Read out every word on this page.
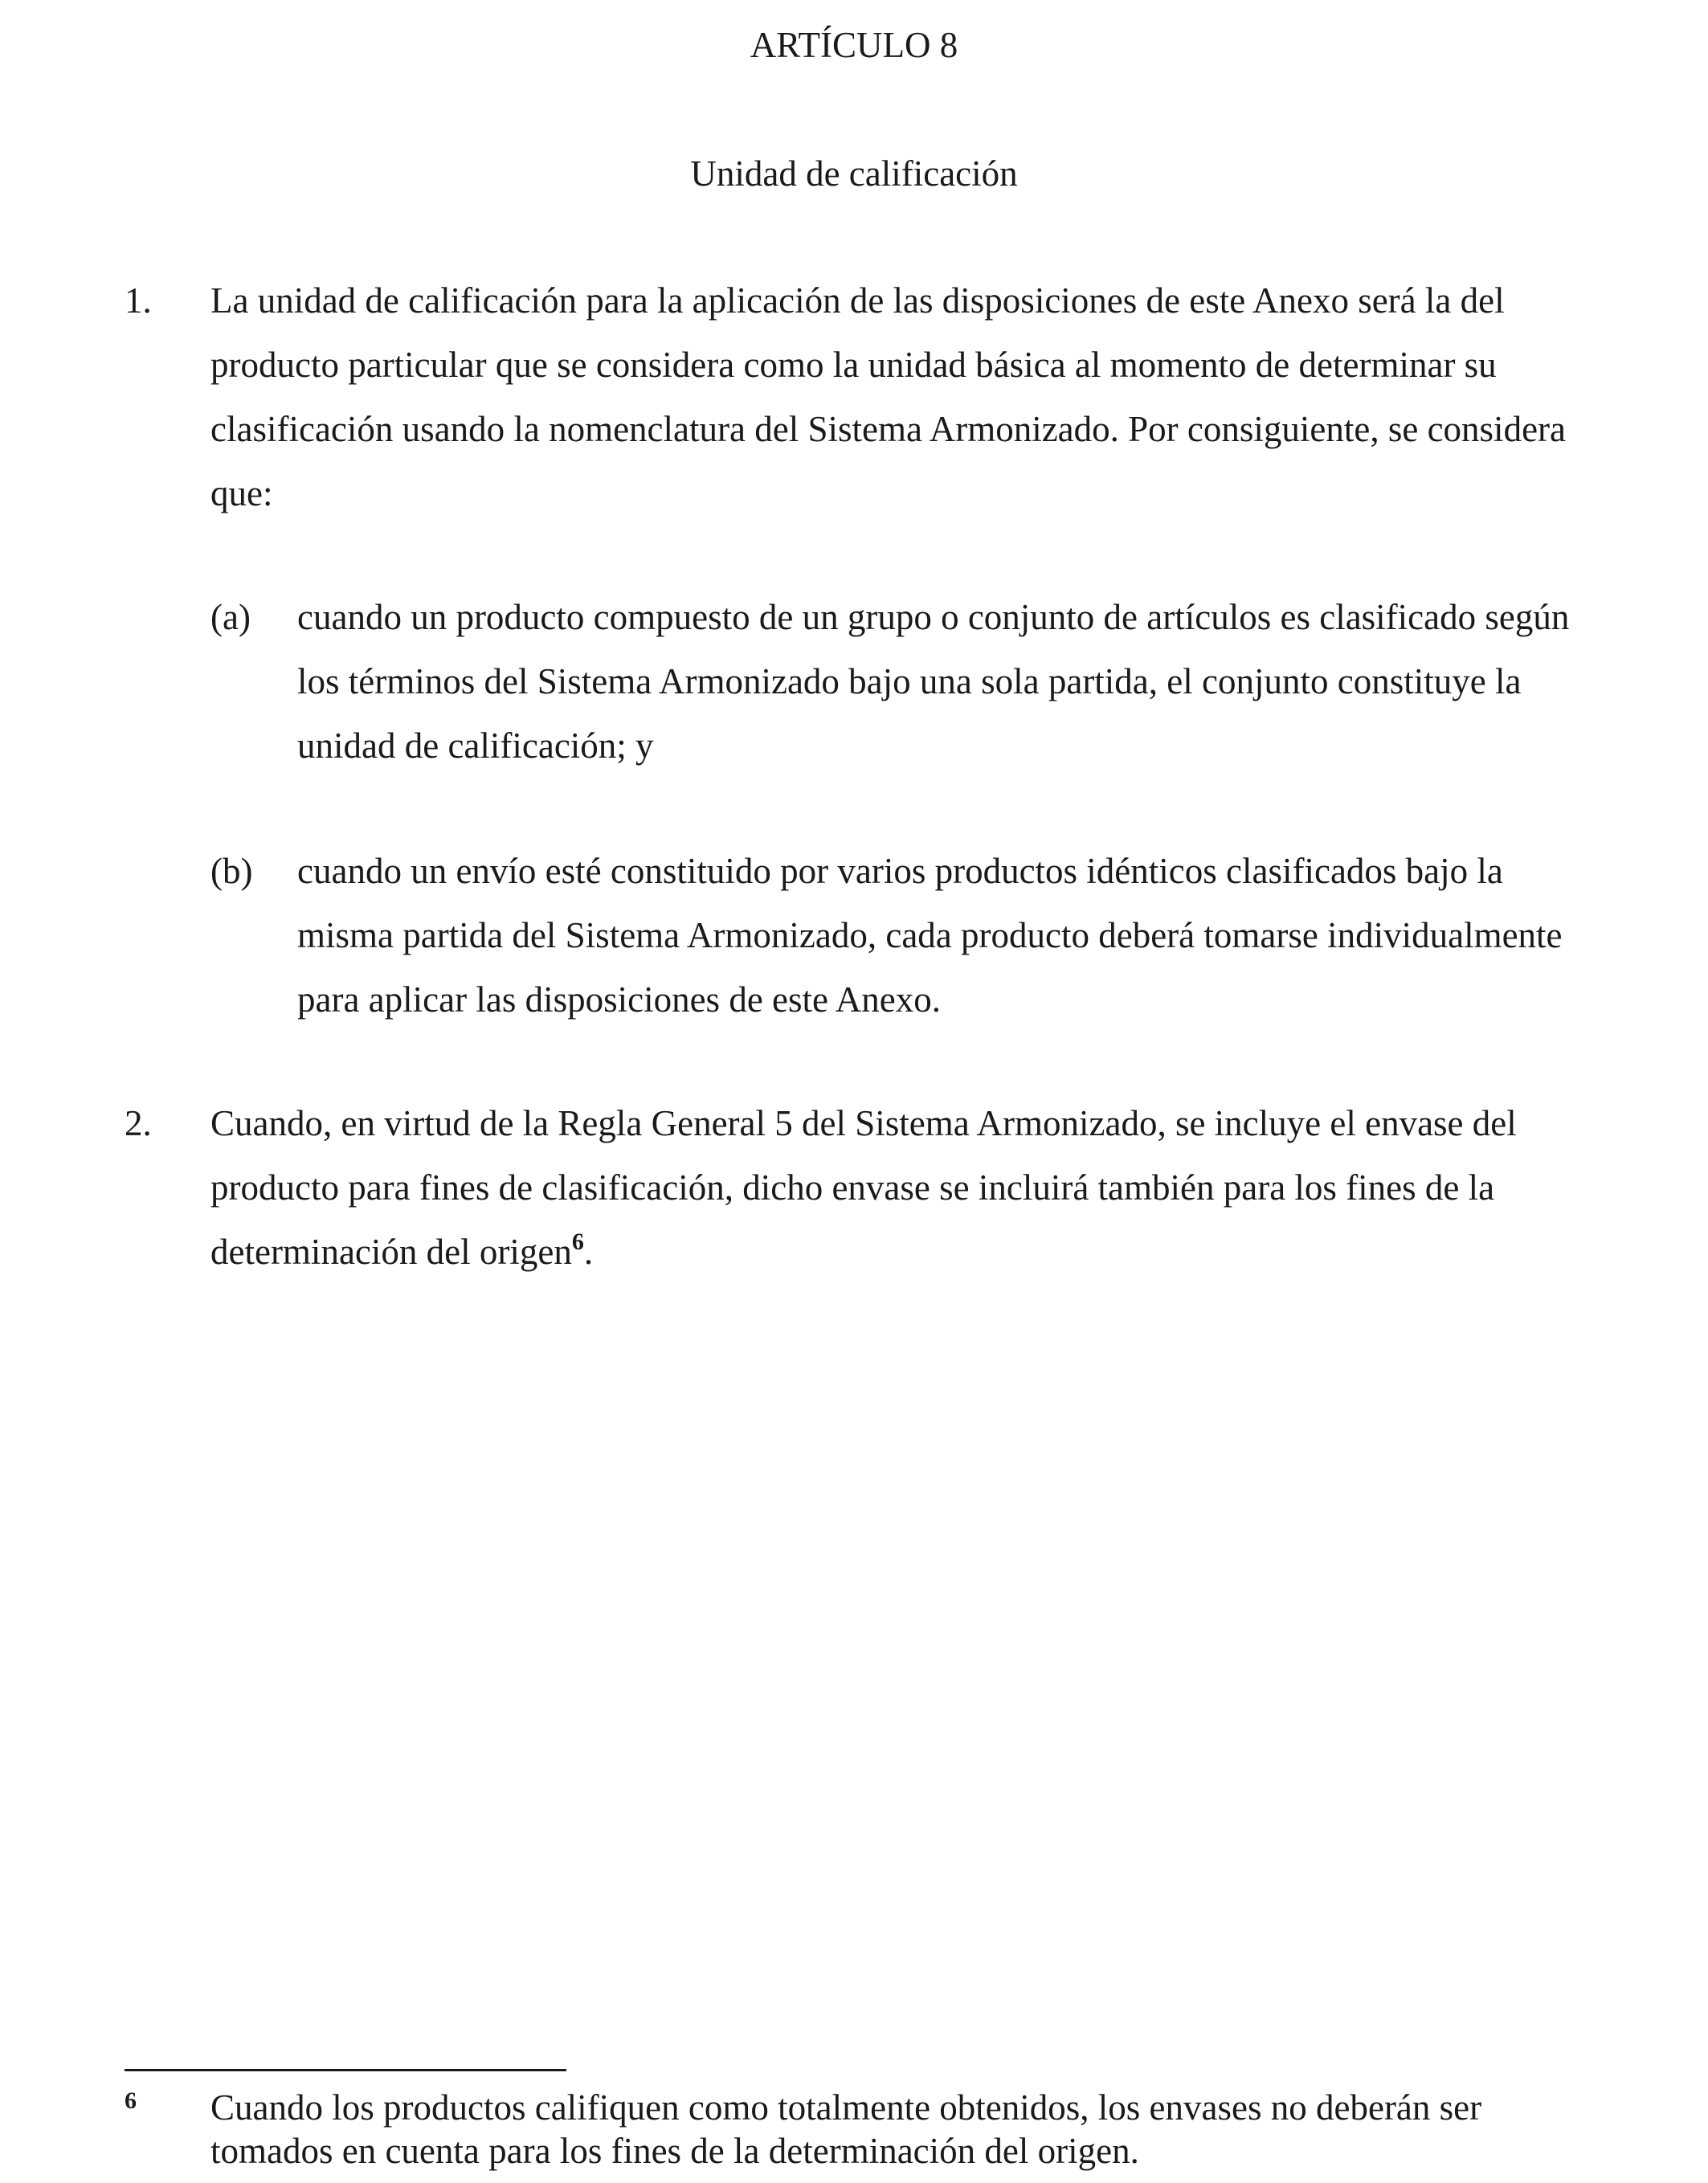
ARTÍCULO 8
Unidad de calificación
1. La unidad de calificación para la aplicación de las disposiciones de este Anexo será la del
producto particular que se considera como la unidad básica al momento de determinar su
clasificación usando la nomenclatura del Sistema Armonizado. Por consiguiente, se considera
que:
(a) cuando un producto compuesto de un grupo o conjunto de artículos es clasificado según
los términos del Sistema Armonizado bajo una sola partida, el conjunto constituye la
unidad de calificación; y
(b) cuando un envío esté constituido por varios productos idénticos clasificados bajo la
misma partida del Sistema Armonizado, cada producto deberá tomarse individualmente
para aplicar las disposiciones de este Anexo.
2. Cuando, en virtud de la Regla General 5 del Sistema Armonizado, se incluye el envase del
producto para fines de clasificación, dicho envase se incluirá también para los fines de la
determinación del origen$^6$.
6 Cuando los productos califiquen como totalmente obtenidos, los envases no deberán ser
tomados en cuenta para los fines de la determinación del origen.
